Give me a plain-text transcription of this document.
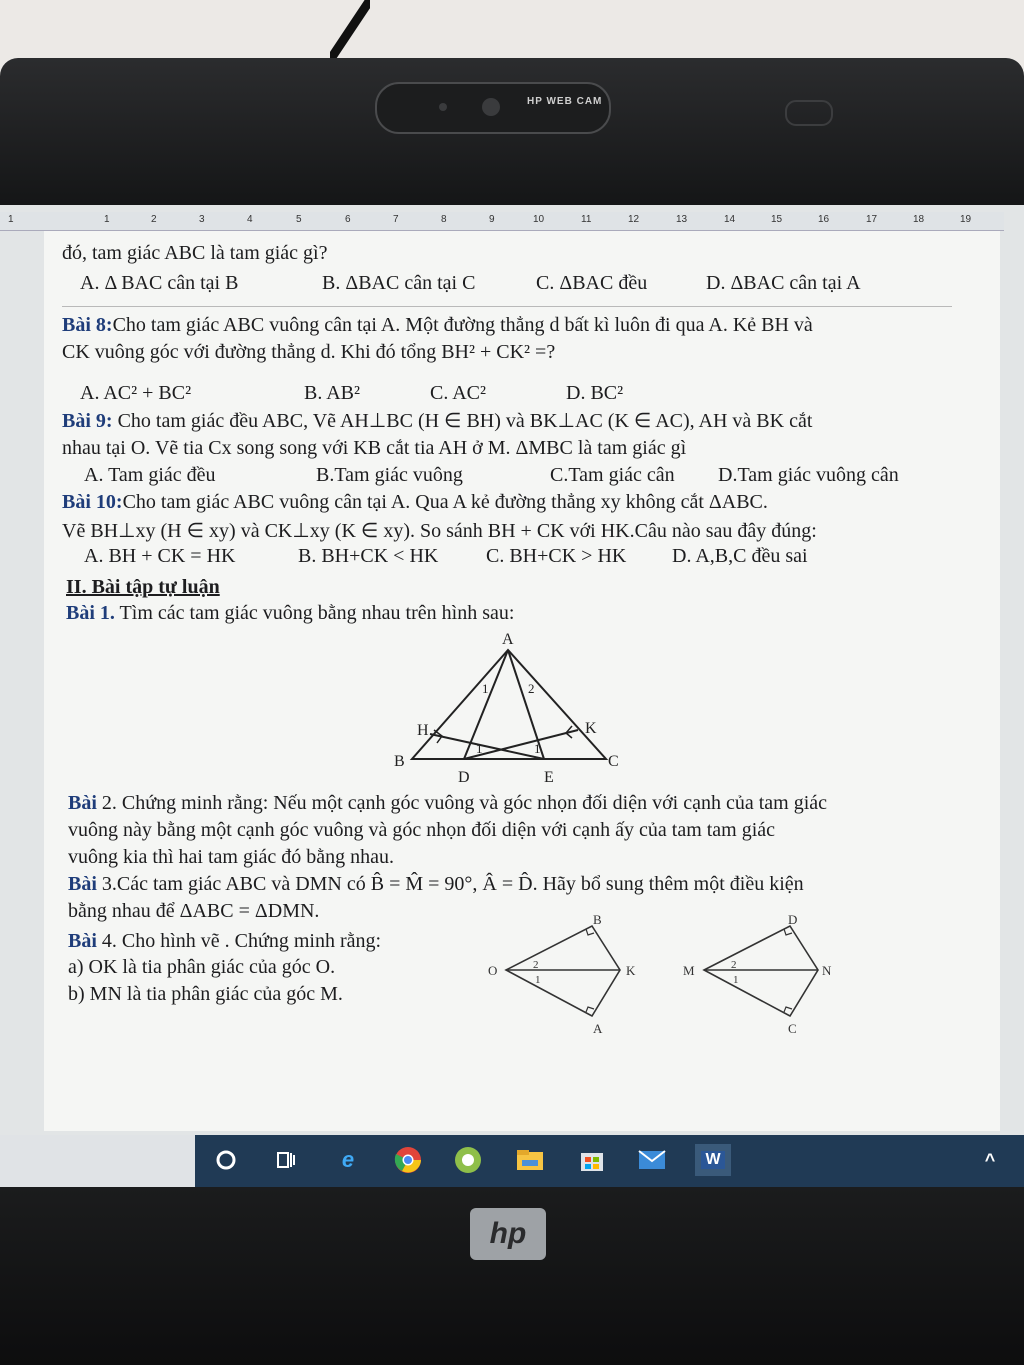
HP WEB CAM
1	1	2	3	4	5	6	7	8	9	10	11	12	13	14	15	16	17	18	19
đó, tam giác ABC là tam giác gì?
A. Δ BAC cân tại B	B. ΔBAC cân tại C	C. ΔBAC đều	D. ΔBAC cân tại A
Bài 8:Cho tam giác ABC vuông cân tại A. Một đường thẳng d bất kì luôn đi qua A. Kẻ BH và
CK vuông góc với đường thẳng d. Khi đó tổng BH² + CK² =?
A. AC² + BC²	B. AB²	C. AC²	D. BC²
Bài 9: Cho tam giác đều ABC, Vẽ AH⊥BC (H ∈ BH) và BK⊥AC (K ∈ AC), AH và BK cắt
nhau tại O. Vẽ tia Cx song song với KB cắt tia AH ở M. ΔMBC là tam giác gì
A. Tam giác đều	B.Tam giác vuông	C.Tam giác cân D.Tam giác vuông cân
Bài 10:Cho tam giác ABC vuông cân tại A. Qua A kẻ đường thẳng xy không cắt ΔABC.
Vẽ BH⊥xy (H ∈ xy) và CK⊥xy (K ∈ xy). So sánh BH + CK với HK.Câu nào sau đây đúng:
A. BH + CK = HK	B. BH+CK < HK C. BH+CK > HK D. A,B,C đều sai
II. Bài tập tự luận
Bài 1. Tìm các tam giác vuông bằng nhau trên hình sau:
A
B	C
D	E
H	K
1	2
1	1
Bài 2. Chứng minh rằng: Nếu một cạnh góc vuông và góc nhọn đối diện với cạnh của tam giác
vuông này bằng một cạnh góc vuông và góc nhọn đối diện với cạnh ấy của tam tam giác
vuông kia thì hai tam giác đó bằng nhau.
Bài 3.Các tam giác ABC và DMN có B̂ = M̂ = 90°, Â = D̂. Hãy bổ sung thêm một điều kiện
bằng nhau để ΔABC = ΔDMN.
Bài 4. Cho hình vẽ . Chứng minh rằng:
a) OK là tia phân giác của góc O.
b) MN là tia phân giác của góc M.
O	K
B
A
2
1
M	N
D
C
2
1
e	W	^
hp
